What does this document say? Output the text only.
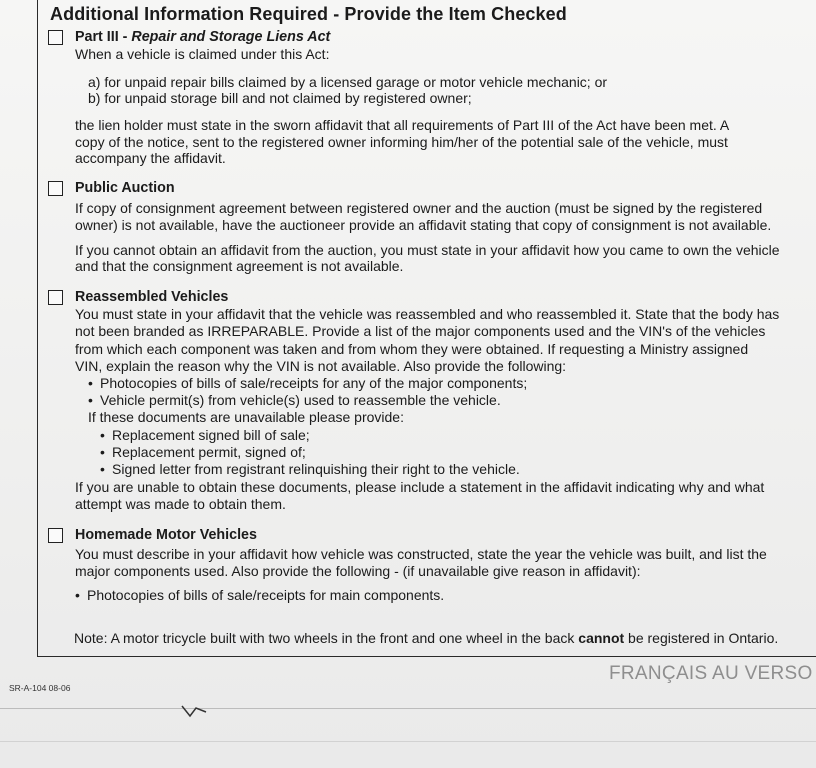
Additional Information Required - Provide the Item Checked
Part III - Repair and Storage Liens Act
When a vehicle is claimed under this Act:
a) for unpaid repair bills claimed by a licensed garage or motor vehicle mechanic; or
b) for unpaid storage bill and not claimed by registered owner;
the lien holder must state in the sworn affidavit that all requirements of Part III of the Act have been met. A
copy of the notice, sent to the registered owner informing him/her of the potential sale of the vehicle, must
accompany the affidavit.
Public Auction
If copy of consignment agreement between registered owner and the auction (must be signed by the registered
owner) is not available, have the auctioneer provide an affidavit stating that copy of consignment is not available.
If you cannot obtain an affidavit from the auction, you must state in your affidavit how you came to own the vehicle
and that the consignment agreement is not available.
Reassembled Vehicles
You must state in your affidavit that the vehicle was reassembled and who reassembled it. State that the body has
not been branded as IRREPARABLE. Provide a list of the major components used and the VIN's of the vehicles
from which each component was taken and from whom they were obtained. If requesting a Ministry assigned
VIN, explain the reason why the VIN is not available. Also provide the following:
• Photocopies of bills of sale/receipts for any of the major components;
• Vehicle permit(s) from vehicle(s) used to reassemble the vehicle.
If these documents are unavailable please provide:
• Replacement signed bill of sale;
• Replacement permit, signed of;
• Signed letter from registrant relinquishing their right to the vehicle.
If you are unable to obtain these documents, please include a statement in the affidavit indicating why and what
attempt was made to obtain them.
Homemade Motor Vehicles
You must describe in your affidavit how vehicle was constructed, state the year the vehicle was built, and list the
major components used. Also provide the following - (if unavailable give reason in affidavit):
• Photocopies of bills of sale/receipts for main components.
Note: A motor tricycle built with two wheels in the front and one wheel in the back cannot be registered in Ontario.
SR-A-104 08-06
FRANÇAIS AU VERSO
